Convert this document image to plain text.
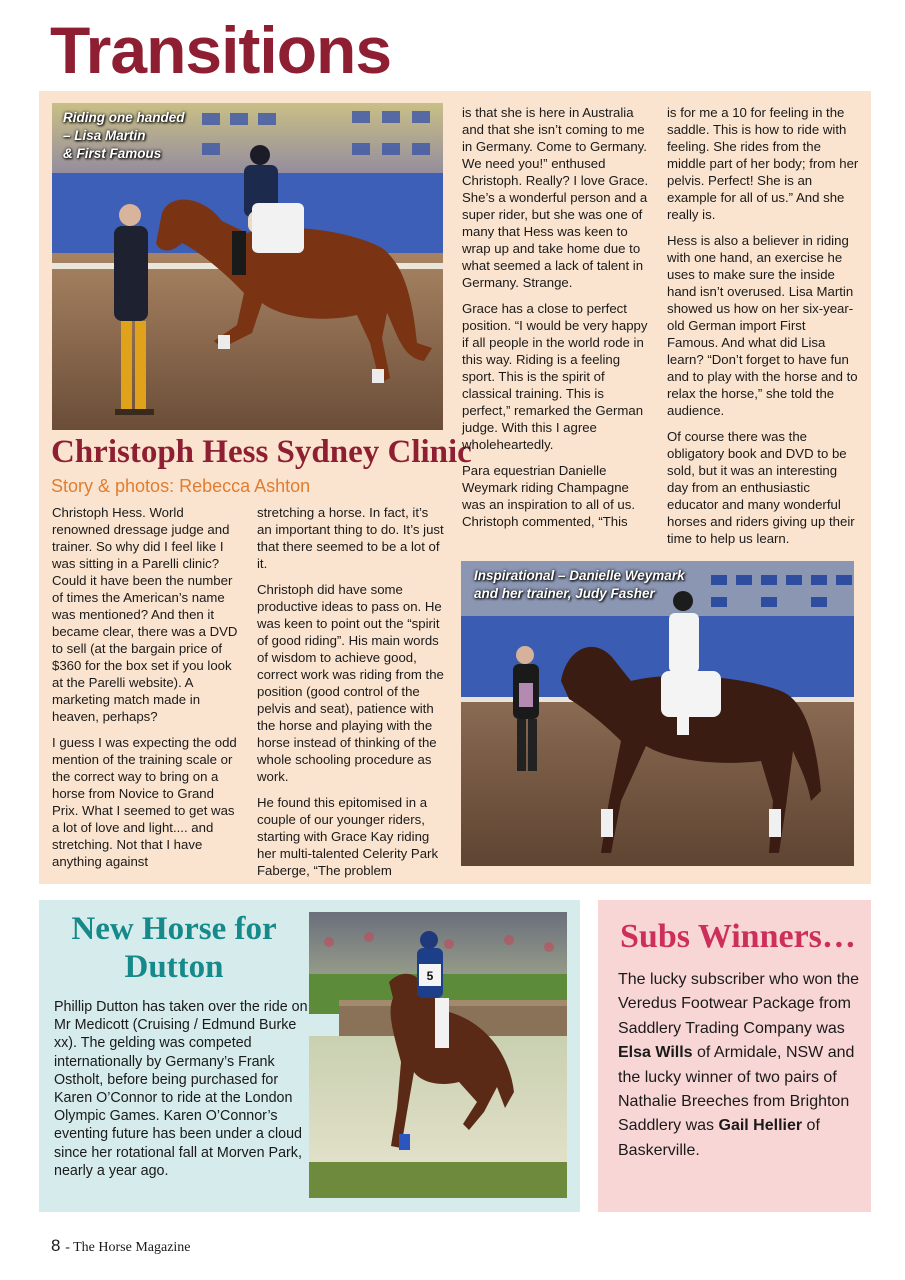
Transitions
Riding one handed
– Lisa Martin
& First Famous
Christoph Hess Sydney Clinic

Story & photos: Rebecca Ashton

Christoph Hess. World renowned dressage judge and trainer. So why did I feel like I was sitting in a Parelli clinic? Could it have been the number of times the American’s name was mentioned? And then it became clear, there was a DVD to sell (at the bargain price of $360 for the box set if you look at the Parelli website). A marketing match made in heaven, perhaps?

I guess I was expecting the odd mention of the training scale or the correct way to bring on a horse from Novice to Grand Prix. What I seemed to get was a lot of love and light.... and stretching. Not that I have anything against

stretching a horse. In fact, it’s an important thing to do. It’s just that there seemed to be a lot of it.

Christoph did have some productive ideas to pass on. He was keen to point out the “spirit of good riding”. His main words of wisdom to achieve good, correct work was riding from the position (good control of the pelvis and seat), patience with the horse and playing with the horse instead of thinking of the whole schooling procedure as work.

He found this epitomised in a couple of our younger riders, starting with Grace Kay riding her multi-talented Celerity Park Faberge, “The problem

is that she is here in Australia and that she isn’t coming to me in Germany. Come to Germany. We need you!” enthused Christoph. Really? I love Grace. She’s a wonderful person and a super rider, but she was one of many that Hess was keen to wrap up and take home due to what seemed a lack of talent in Germany. Strange.

Grace has a close to perfect position. “I would be very happy if all people in the world rode in this way. Riding is a feeling sport. This is the spirit of classical training. This is perfect,” remarked the German judge. With this I agree wholeheartedly.

Para equestrian Danielle Weymark riding Champagne was an inspiration to all of us. Christoph commented, “This

is for me a 10 for feeling in the saddle. This is how to ride with feeling. She rides from the middle part of her body; from her pelvis. Perfect! She is an example for all of us.” And she really is.

Hess is also a believer in riding with one hand, an exercise he uses to make sure the inside hand isn’t overused. Lisa Martin showed us how on her six-year-old German import First Famous. And what did Lisa learn? “Don’t forget to have fun and to play with the horse and to relax the horse,” she told the audience.

Of course there was the obligatory book and DVD to be sold, but it was an interesting day from an enthusiastic educator and many wonderful horses and riders giving up their time to help us learn.

Inspirational – Danielle Weymark
and her trainer, Judy Fasher
New Horse for Dutton
Phillip Dutton has taken over the ride on Mr Medicott (Cruising / Edmund Burke xx). The gelding was competed internationally by Germany’s Frank Ostholt, before being purchased for Karen O’Connor to ride at the London Olympic Games. Karen O’Connor’s eventing future has been under a cloud since her rotational fall at Morven Park, nearly a year ago.
5
Subs Winners…
The lucky subscriber who won the Veredus Footwear Package from Saddlery Trading Company was Elsa Wills of Armidale, NSW and the lucky winner of two pairs of Nathalie Breeches from Brighton Saddlery was Gail Hellier of Baskerville.
8 - The Horse Magazine
